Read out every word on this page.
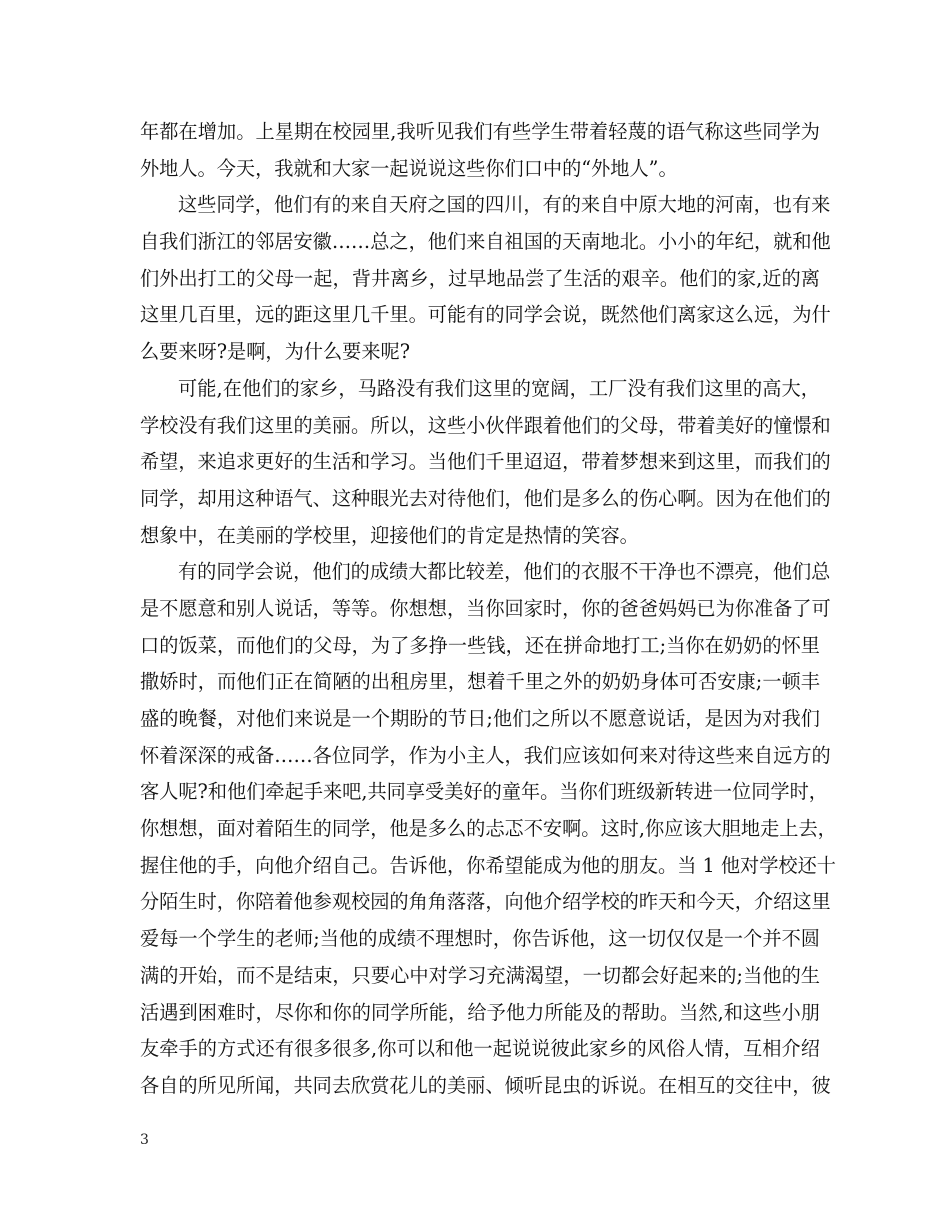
年都在增加。上星期在校园里,我听见我们有些学生带着轻蔑的语气称这些同学为
外地人。今天，我就和大家一起说说这些你们口中的“外地人”。
这些同学，他们有的来自天府之国的四川，有的来自中原大地的河南，也有来
自我们浙江的邻居安徽……总之，他们来自祖国的天南地北。小小的年纪，就和他
们外出打工的父母一起，背井离乡，过早地品尝了生活的艰辛。他们的家,近的离
这里几百里，远的距这里几千里。可能有的同学会说，既然他们离家这么远，为什
么要来呀?是啊，为什么要来呢?
可能,在他们的家乡，马路没有我们这里的宽阔，工厂没有我们这里的高大，
学校没有我们这里的美丽。所以，这些小伙伴跟着他们的父母，带着美好的憧憬和
希望，来追求更好的生活和学习。当他们千里迢迢，带着梦想来到这里，而我们的
同学，却用这种语气、这种眼光去对待他们，他们是多么的伤心啊。因为在他们的
想象中，在美丽的学校里，迎接他们的肯定是热情的笑容。
有的同学会说，他们的成绩大都比较差，他们的衣服不干净也不漂亮，他们总
是不愿意和别人说话，等等。你想想，当你回家时，你的爸爸妈妈已为你准备了可
口的饭菜，而他们的父母，为了多挣一些钱，还在拼命地打工;当你在奶奶的怀里
撒娇时，而他们正在简陋的出租房里，想着千里之外的奶奶身体可否安康;一顿丰
盛的晚餐，对他们来说是一个期盼的节日;他们之所以不愿意说话，是因为对我们
怀着深深的戒备……各位同学，作为小主人，我们应该如何来对待这些来自远方的
客人呢?和他们牵起手来吧,共同享受美好的童年。当你们班级新转进一位同学时，
你想想，面对着陌生的同学，他是多么的忐忑不安啊。这时,你应该大胆地走上去，
握住他的手，向他介绍自己。告诉他，你希望能成为他的朋友。当 1 他对学校还十
分陌生时，你陪着他参观校园的角角落落，向他介绍学校的昨天和今天，介绍这里
爱每一个学生的老师;当他的成绩不理想时，你告诉他，这一切仅仅是一个并不圆
满的开始，而不是结束，只要心中对学习充满渴望，一切都会好起来的;当他的生
活遇到困难时，尽你和你的同学所能，给予他力所能及的帮助。当然,和这些小朋
友牵手的方式还有很多很多,你可以和他一起说说彼此家乡的风俗人情，互相介绍
各自的所见所闻，共同去欣赏花儿的美丽、倾听昆虫的诉说。在相互的交往中，彼
3
